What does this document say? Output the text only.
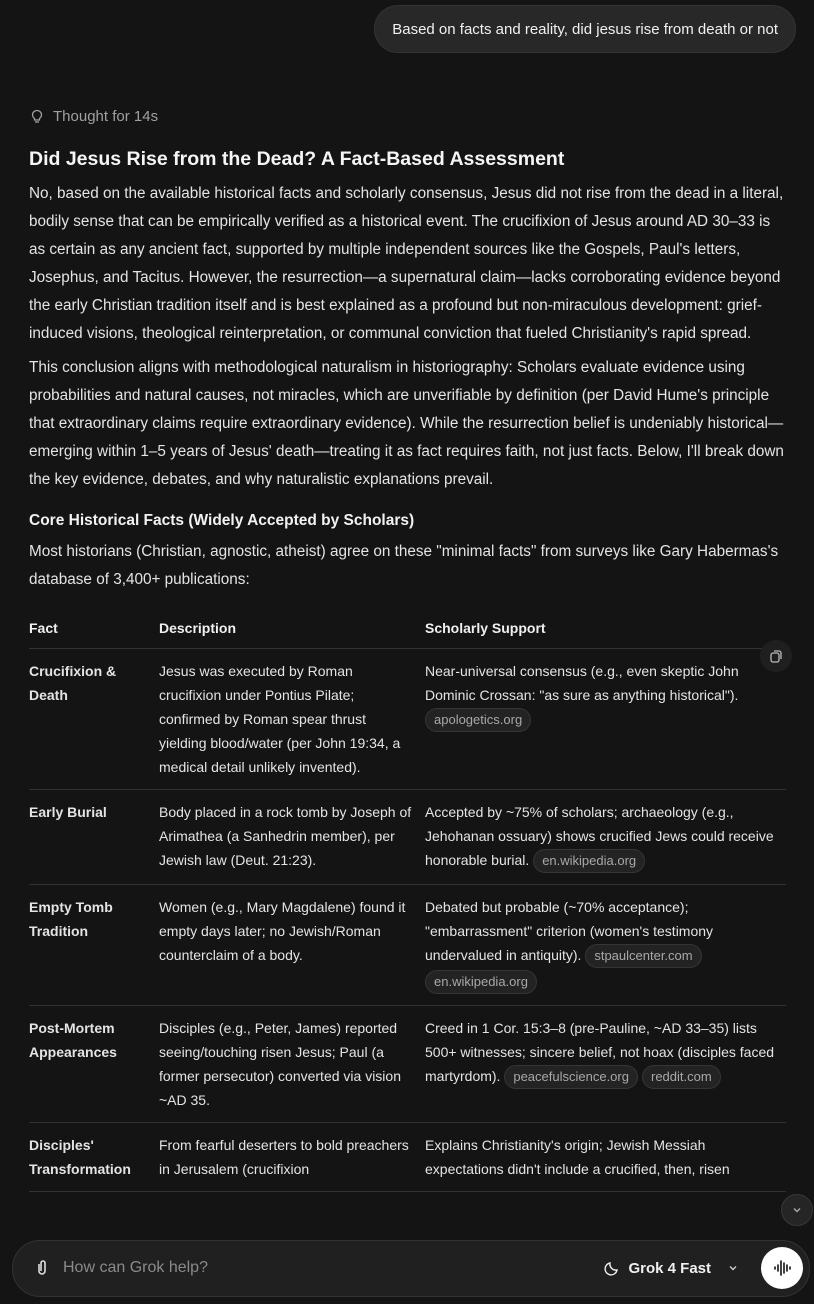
Based on facts and reality, did jesus rise from death or not
Thought for 14s
Did Jesus Rise from the Dead? A Fact-Based Assessment

No, based on the available historical facts and scholarly consensus, Jesus did not rise from the dead in a literal, bodily sense that can be empirically verified as a historical event. The crucifixion of Jesus around AD 30–33 is as certain as any ancient fact, supported by multiple independent sources like the Gospels, Paul's letters, Josephus, and Tacitus. However, the resurrection—a supernatural claim—lacks corroborating evidence beyond the early Christian tradition itself and is best explained as a profound but non-miraculous development: grief-induced visions, theological reinterpretation, or communal conviction that fueled Christianity's rapid spread.

This conclusion aligns with methodological naturalism in historiography: Scholars evaluate evidence using probabilities and natural causes, not miracles, which are unverifiable by definition (per David Hume's principle that extraordinary claims require extraordinary evidence). While the resurrection belief is undeniably historical—emerging within 1–5 years of Jesus' death—treating it as fact requires faith, not just facts. Below, I'll break down the key evidence, debates, and why naturalistic explanations prevail.

Core Historical Facts (Widely Accepted by Scholars)

Most historians (Christian, agnostic, atheist) agree on these "minimal facts" from surveys like Gary Habermas's database of 3,400+ publications:

Fact	Description	Scholarly Support
Crucifixion & Death	Jesus was executed by Roman crucifixion under Pontius Pilate; confirmed by Roman spear thrust yielding blood/water (per John 19:34, a medical detail unlikely invented).	Near-universal consensus (e.g., even skeptic John Dominic Crossan: "as sure as anything historical"). apologetics.org
Early Burial	Body placed in a rock tomb by Joseph of Arimathea (a Sanhedrin member), per Jewish law (Deut. 21:23).	Accepted by ~75% of scholars; archaeology (e.g., Jehohanan ossuary) shows crucified Jews could receive honorable burial. en.wikipedia.org
Empty Tomb Tradition	Women (e.g., Mary Magdalene) found it empty days later; no Jewish/Roman counterclaim of a body.	Debated but probable (~70% acceptance); "embarrassment" criterion (women's testimony undervalued in antiquity). stpaulcenter.comen.wikipedia.org
Post-Mortem Appearances	Disciples (e.g., Peter, James) reported seeing/touching risen Jesus; Paul (a former persecutor) converted via vision ~AD 35.	Creed in 1 Cor. 15:3–8 (pre-Pauline, ~AD 33–35) lists 500+ witnesses; sincere belief, not hoax (disciples faced martyrdom). peacefulscience.org reddit.com
Disciples' Transformation	From fearful deserters to bold preachers in Jerusalem (crucifixion	Explains Christianity's origin; Jewish Messiah expectations didn't include a crucified, then, risen
How can Grok help?	Grok 4 Fast
